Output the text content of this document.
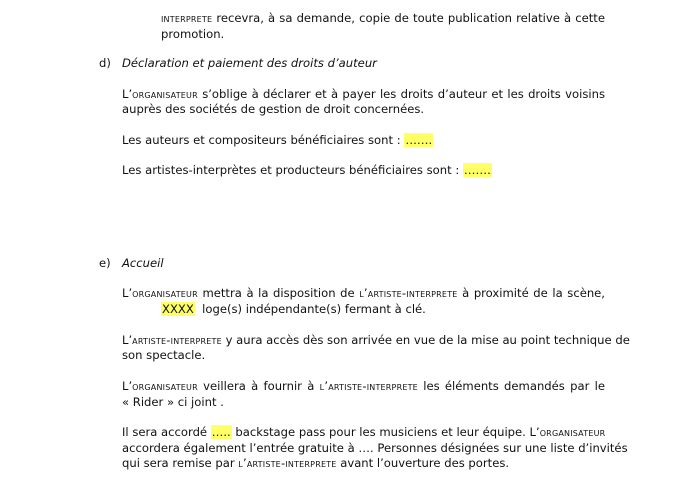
interprete recevra, à sa demande, copie de toute publication relative à cette
promotion.
d) Déclaration et paiement des droits d’auteur
L’organisateur s’oblige à déclarer et à payer les droits d’auteur et les droits voisins
auprès des sociétés de gestion de droit concernées.
Les auteurs et compositeurs bénéficiaires sont : …….
Les artistes-interprètes et producteurs bénéficiaires sont : …….
e) Accueil
L’organisateur mettra à la disposition de l’artiste-interprete à proximité de la scène,
XXXX  loge(s) indépendante(s) fermant à clé.
L’artiste-interprete y aura accès dès son arrivée en vue de la mise au point technique de
son spectacle.
L’organisateur veillera à fournir à l’artiste-interprete les éléments demandés par le
« Rider » ci joint .
Il sera accordé ….. backstage pass pour les musiciens et leur équipe. L’organisateur
accordera également l’entrée gratuite à …. Personnes désignées sur une liste d’invités
qui sera remise par l’artiste-interprete avant l’ouverture des portes.
